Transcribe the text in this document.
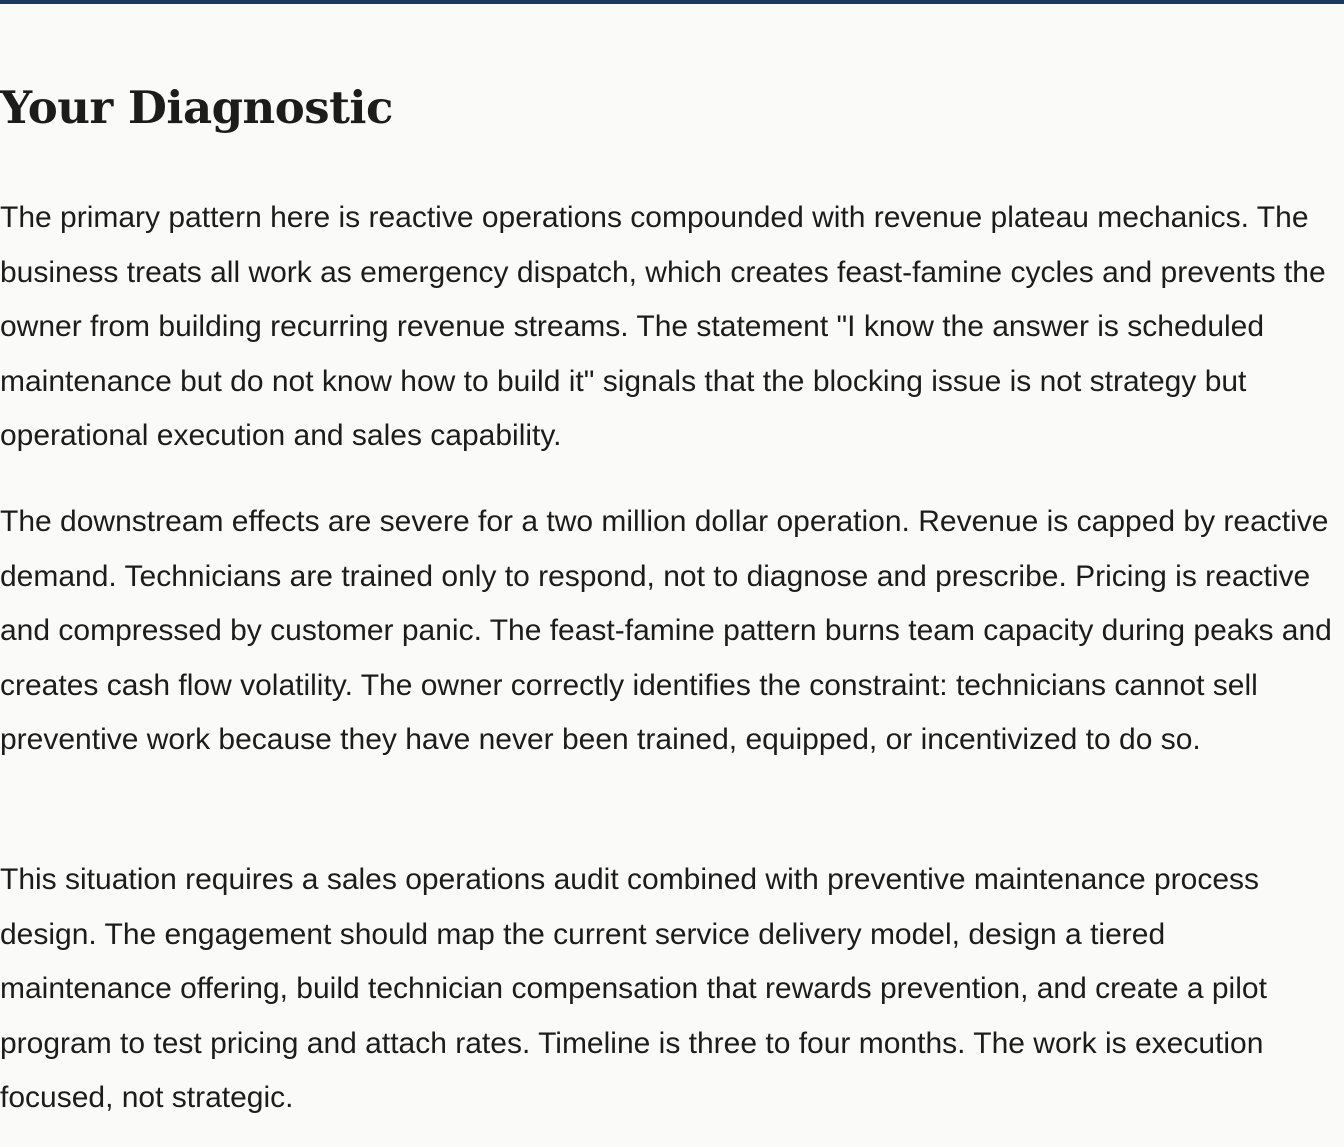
Your Diagnostic

The primary pattern here is reactive operations compounded with revenue plateau mechanics. The business treats all work as emergency dispatch, which creates feast-famine cycles and prevents the owner from building recurring revenue streams. The statement "I know the answer is scheduled maintenance but do not know how to build it" signals that the blocking issue is not strategy but operational execution and sales capability.

The downstream effects are severe for a two million dollar operation. Revenue is capped by reactive demand. Technicians are trained only to respond, not to diagnose and prescribe. Pricing is reactive and compressed by customer panic. The feast-famine pattern burns team capacity during peaks and creates cash flow volatility. The owner correctly identifies the constraint: technicians cannot sell preventive work because they have never been trained, equipped, or incentivized to do so.

This situation requires a sales operations audit combined with preventive maintenance process design. The engagement should map the current service delivery model, design a tiered maintenance offering, build technician compensation that rewards prevention, and create a pilot program to test pricing and attach rates. Timeline is three to four months. The work is execution focused, not strategic.
